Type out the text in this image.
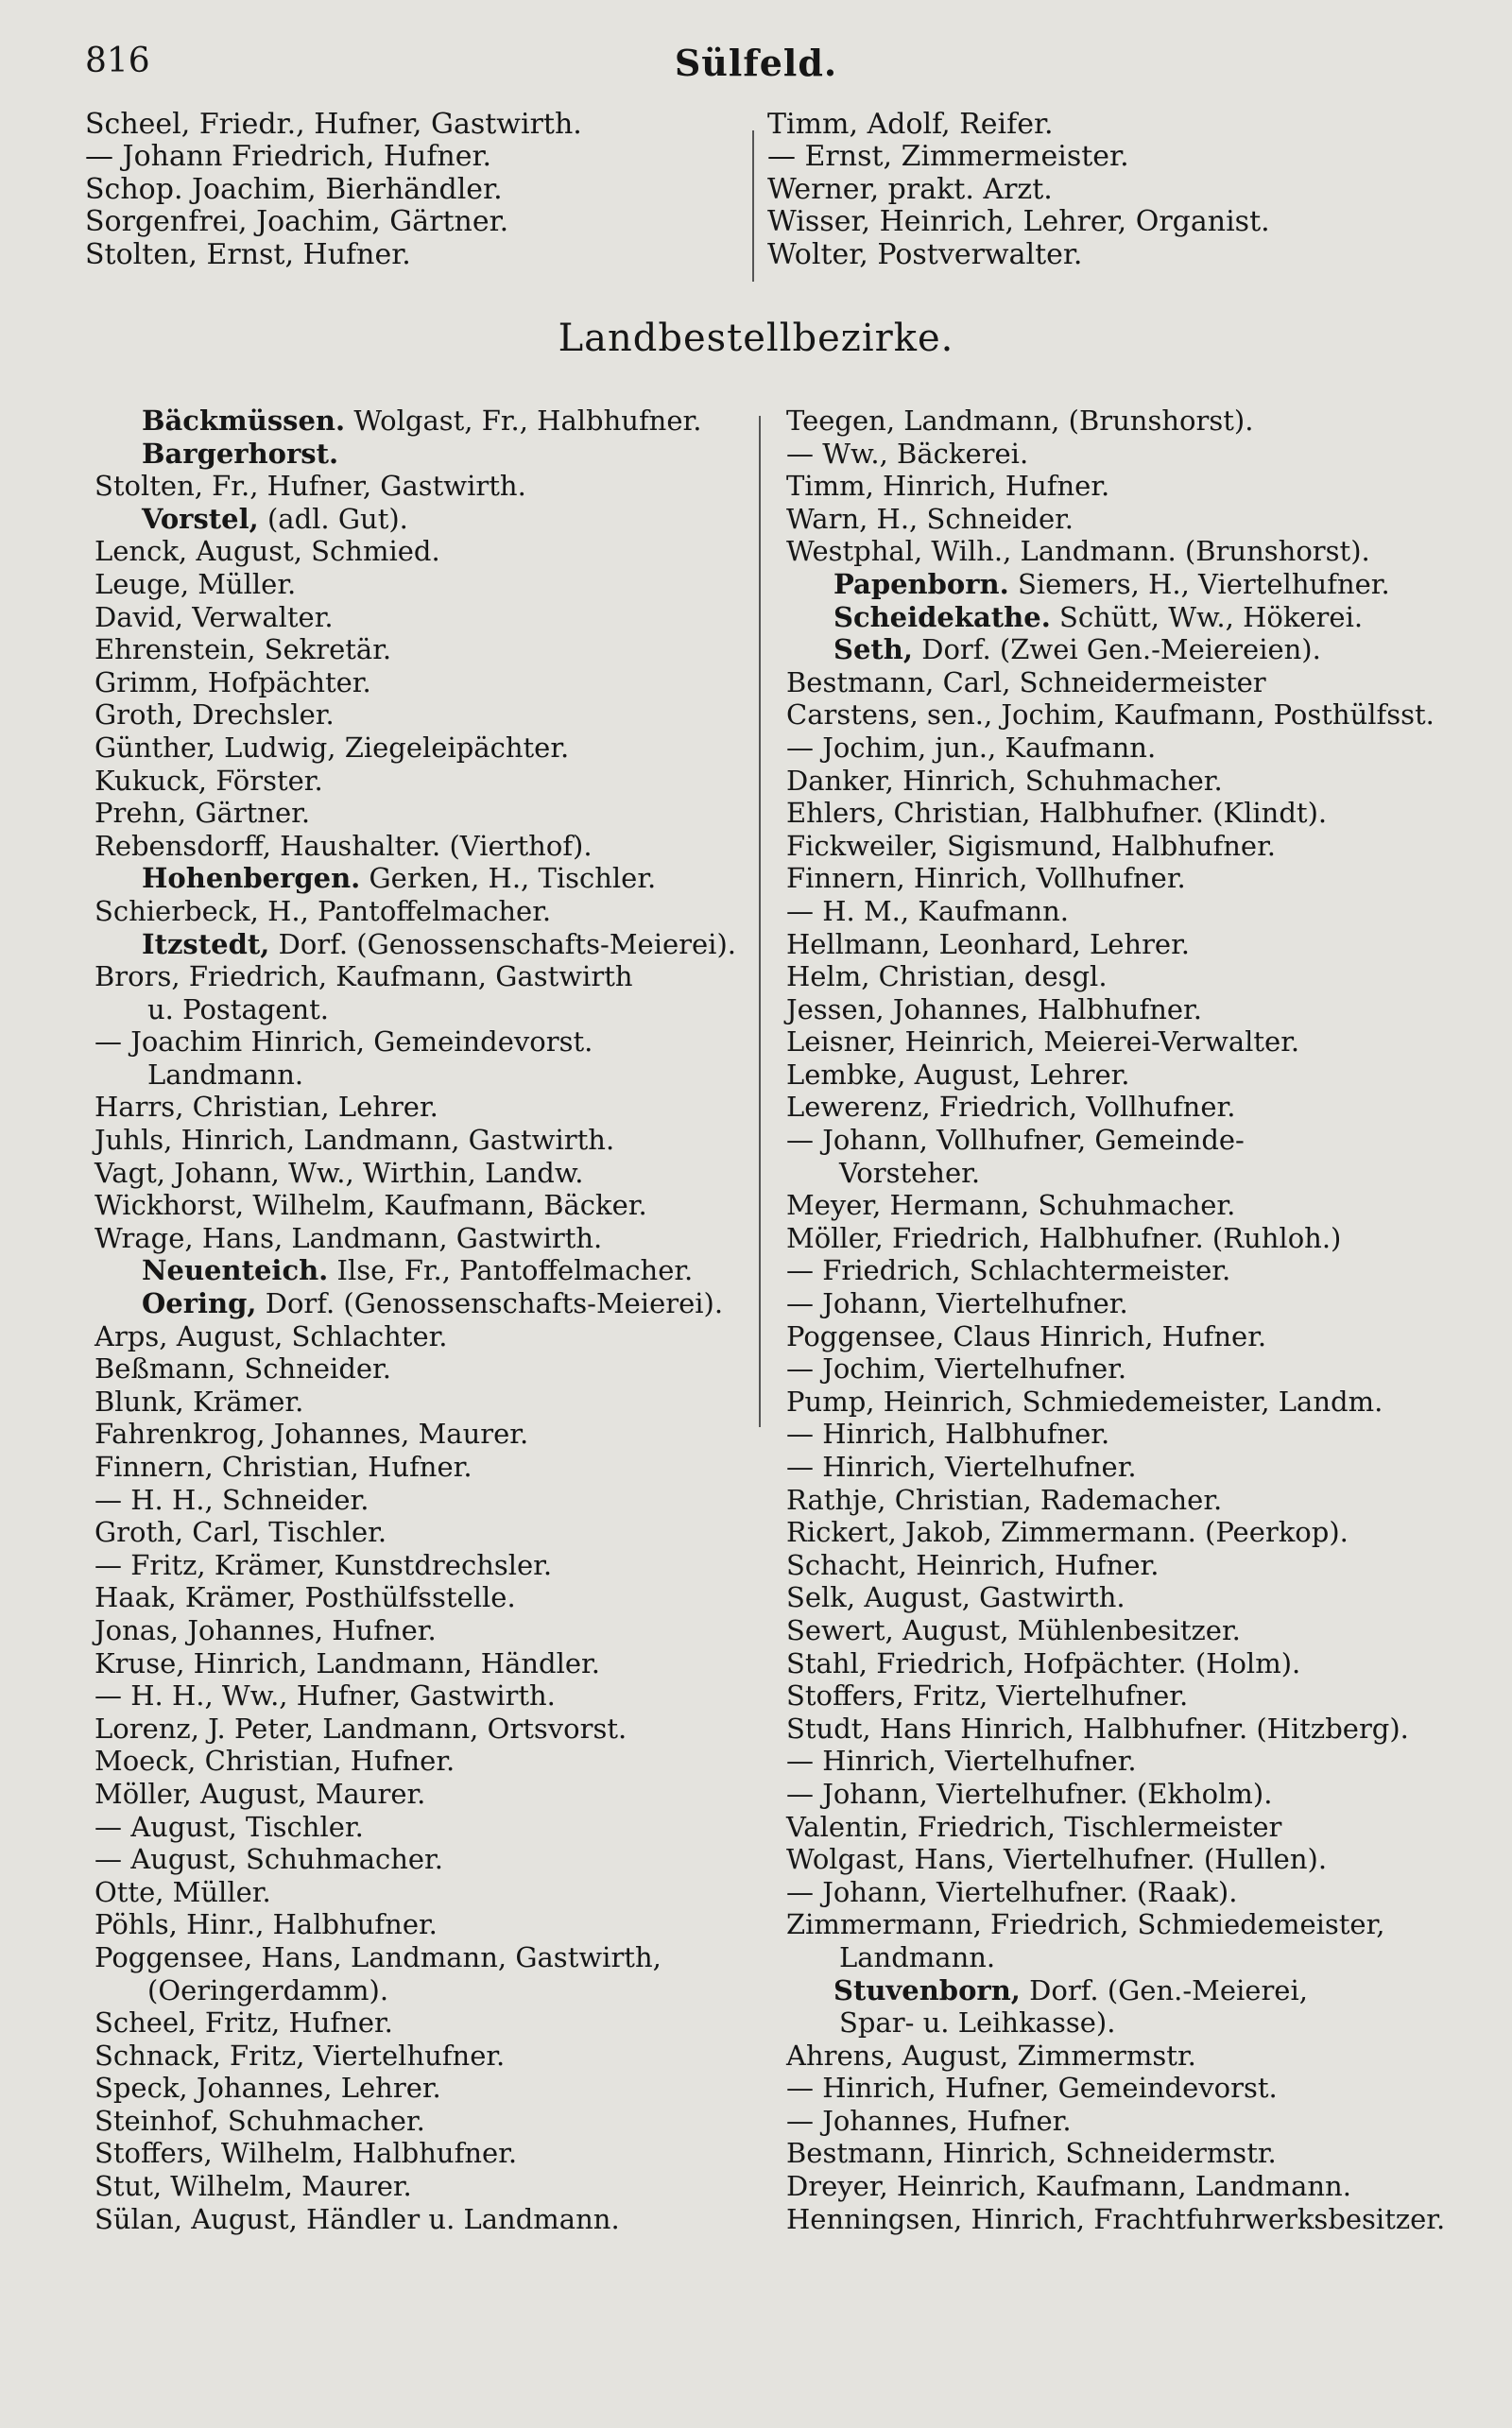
816	Sülfeld.
Scheel, Friedr., Hufner, Gastwirth.
— Johann Friedrich, Hufner.
Schop. Joachim, Bierhändler.
Sorgenfrei, Joachim, Gärtner.
Stolten, Ernst, Hufner.
Timm, Adolf, Reifer.
— Ernst, Zimmermeister.
Werner, prakt. Arzt.
Wisser, Heinrich, Lehrer, Organist.
Wolter, Postverwalter.
Landbestellbezirke.
Bäckmüssen. Wolgast, Fr., Halbhufner.
Bargerhorst.
Stolten, Fr., Hufner, Gastwirth.
Vorstel, (adl. Gut).
Lenck, August, Schmied.
Leuge, Müller.
David, Verwalter.
Ehrenstein, Sekretär.
Grimm, Hofpächter.
Groth, Drechsler.
Günther, Ludwig, Ziegeleipächter.
Kukuck, Förster.
Prehn, Gärtner.
Rebensdorff, Haushalter. (Vierthof).
Hohenbergen. Gerken, H., Tischler.
Schierbeck, H., Pantoffelmacher.
Itzstedt, Dorf. (Genossenschafts-Meierei).
Brors, Friedrich, Kaufmann, Gastwirth
u. Postagent.
— Joachim Hinrich, Gemeindevorst.
Landmann.
Harrs, Christian, Lehrer.
Juhls, Hinrich, Landmann, Gastwirth.
Vagt, Johann, Ww., Wirthin, Landw.
Wickhorst, Wilhelm, Kaufmann, Bäcker.
Wrage, Hans, Landmann, Gastwirth.
Neuenteich. Ilse, Fr., Pantoffelmacher.
Oering, Dorf. (Genossenschafts-Meierei).
Arps, August, Schlachter.
Beßmann, Schneider.
Blunk, Krämer.
Fahrenkrog, Johannes, Maurer.
Finnern, Christian, Hufner.
— H. H., Schneider.
Groth, Carl, Tischler.
— Fritz, Krämer, Kunstdrechsler.
Haak, Krämer, Posthülfsstelle.
Jonas, Johannes, Hufner.
Kruse, Hinrich, Landmann, Händler.
— H. H., Ww., Hufner, Gastwirth.
Lorenz, J. Peter, Landmann, Ortsvorst.
Moeck, Christian, Hufner.
Möller, August, Maurer.
— August, Tischler.
— August, Schuhmacher.
Otte, Müller.
Pöhls, Hinr., Halbhufner.
Poggensee, Hans, Landmann, Gastwirth,
(Oeringerdamm).
Scheel, Fritz, Hufner.
Schnack, Fritz, Viertelhufner.
Speck, Johannes, Lehrer.
Steinhof, Schuhmacher.
Stoffers, Wilhelm, Halbhufner.
Stut, Wilhelm, Maurer.
Sülan, August, Händler u. Landmann.
Teegen, Landmann, (Brunshorst).
— Ww., Bäckerei.
Timm, Hinrich, Hufner.
Warn, H., Schneider.
Westphal, Wilh., Landmann. (Brunshorst).
Papenborn. Siemers, H., Viertelhufner.
Scheidekathe. Schütt, Ww., Hökerei.
Seth, Dorf. (Zwei Gen.-Meiereien).
Bestmann, Carl, Schneidermeister
Carstens, sen., Jochim, Kaufmann, Posthülfsst.
— Jochim, jun., Kaufmann.
Danker, Hinrich, Schuhmacher.
Ehlers, Christian, Halbhufner. (Klindt).
Fickweiler, Sigismund, Halbhufner.
Finnern, Hinrich, Vollhufner.
— H. M., Kaufmann.
Hellmann, Leonhard, Lehrer.
Helm, Christian, desgl.
Jessen, Johannes, Halbhufner.
Leisner, Heinrich, Meierei-Verwalter.
Lembke, August, Lehrer.
Lewerenz, Friedrich, Vollhufner.
— Johann, Vollhufner, Gemeinde-
Vorsteher.
Meyer, Hermann, Schuhmacher.
Möller, Friedrich, Halbhufner. (Ruhloh.)
— Friedrich, Schlachtermeister.
— Johann, Viertelhufner.
Poggensee, Claus Hinrich, Hufner.
— Jochim, Viertelhufner.
Pump, Heinrich, Schmiedemeister, Landm.
— Hinrich, Halbhufner.
— Hinrich, Viertelhufner.
Rathje, Christian, Rademacher.
Rickert, Jakob, Zimmermann. (Peerkop).
Schacht, Heinrich, Hufner.
Selk, August, Gastwirth.
Sewert, August, Mühlenbesitzer.
Stahl, Friedrich, Hofpächter. (Holm).
Stoffers, Fritz, Viertelhufner.
Studt, Hans Hinrich, Halbhufner. (Hitzberg).
— Hinrich, Viertelhufner.
— Johann, Viertelhufner. (Ekholm).
Valentin, Friedrich, Tischlermeister
Wolgast, Hans, Viertelhufner. (Hullen).
— Johann, Viertelhufner. (Raak).
Zimmermann, Friedrich, Schmiedemeister,
Landmann.
Stuvenborn, Dorf. (Gen.-Meierei,
Spar- u. Leihkasse).
Ahrens, August, Zimmermstr.
— Hinrich, Hufner, Gemeindevorst.
— Johannes, Hufner.
Bestmann, Hinrich, Schneidermstr.
Dreyer, Heinrich, Kaufmann, Landmann.
Henningsen, Hinrich, Frachtfuhrwerksbesitzer.
